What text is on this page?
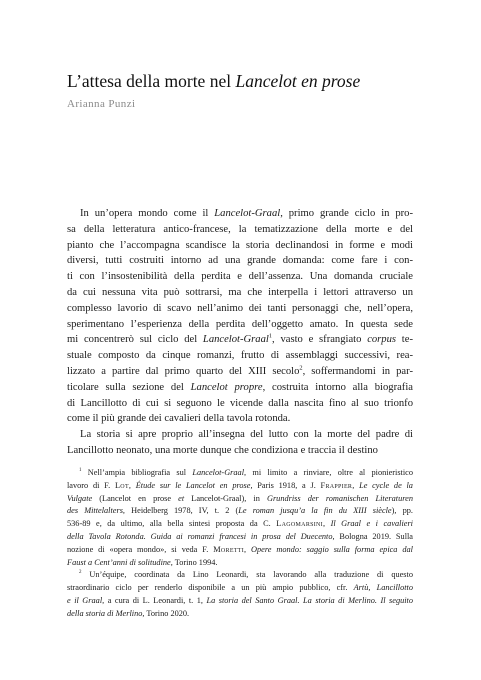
L’attesa della morte nel Lancelot en prose
Arianna Punzi
In un’opera mondo come il Lancelot-Graal, primo grande ciclo in pro-
sa della letteratura antico-francese, la tematizzazione della morte e del
pianto che l’accompagna scandisce la storia declinandosi in forme e modi
diversi, tutti costruiti intorno ad una grande domanda: come fare i con-
ti con l’insostenibilità della perdita e dell’assenza. Una domanda cruciale
da cui nessuna vita può sottrarsi, ma che interpella i lettori attraverso un
complesso lavorio di scavo nell’animo dei tanti personaggi che, nell’opera,
sperimentano l’esperienza della perdita dell’oggetto amato. In questa sede
mi concentrerò sul ciclo del Lancelot-Graal$^1$, vasto e sfrangiato corpus te-
stuale composto da cinque romanzi, frutto di assemblaggi successivi, rea-
lizzato a partire dal primo quarto del XIII secolo$^2$, soffermandomi in par-
ticolare sulla sezione del Lancelot propre, costruita intorno alla biografia
di Lancillotto di cui si seguono le vicende dalla nascita fino al suo trionfo
come il più grande dei cavalieri della tavola rotonda.
La storia si apre proprio all’insegna del lutto con la morte del padre di
Lancillotto neonato, una morte dunque che condiziona e traccia il destino
$^1$ Nell’ampia bibliografia sul Lancelot-Graal, mi limito a rinviare, oltre al pionieristico
lavoro di F. Lot, Étude sur le Lancelot en prose, Paris 1918, a J. Frappier, Le cycle de la
Vulgate (Lancelot en prose et Lancelot-Graal), in Grundriss der romanischen Literaturen
des Mittelalters, Heidelberg 1978, IV, t. 2 (Le roman jusqu’a la fin du XIII siècle), pp.
536-89 e, da ultimo, alla bella sintesi proposta da C. Lagomarsini, Il Graal e i cavalieri
della Tavola Rotonda. Guida ai romanzi francesi in prosa del Duecento, Bologna 2019. Sulla
nozione di «opera mondo», si veda F. Moretti, Opere mondo: saggio sulla forma epica dal
Faust a Cent’anni di solitudine, Torino 1994.
$^2$ Un’équipe, coordinata da Lino Leonardi, sta lavorando alla traduzione di questo
straordinario ciclo per renderlo disponibile a un più ampio pubblico, cfr. Artù, Lancillotto
e il Graal, a cura di L. Leonardi, t. 1, La storia del Santo Graal. La storia di Merlino. Il seguito
della storia di Merlino, Torino 2020.
